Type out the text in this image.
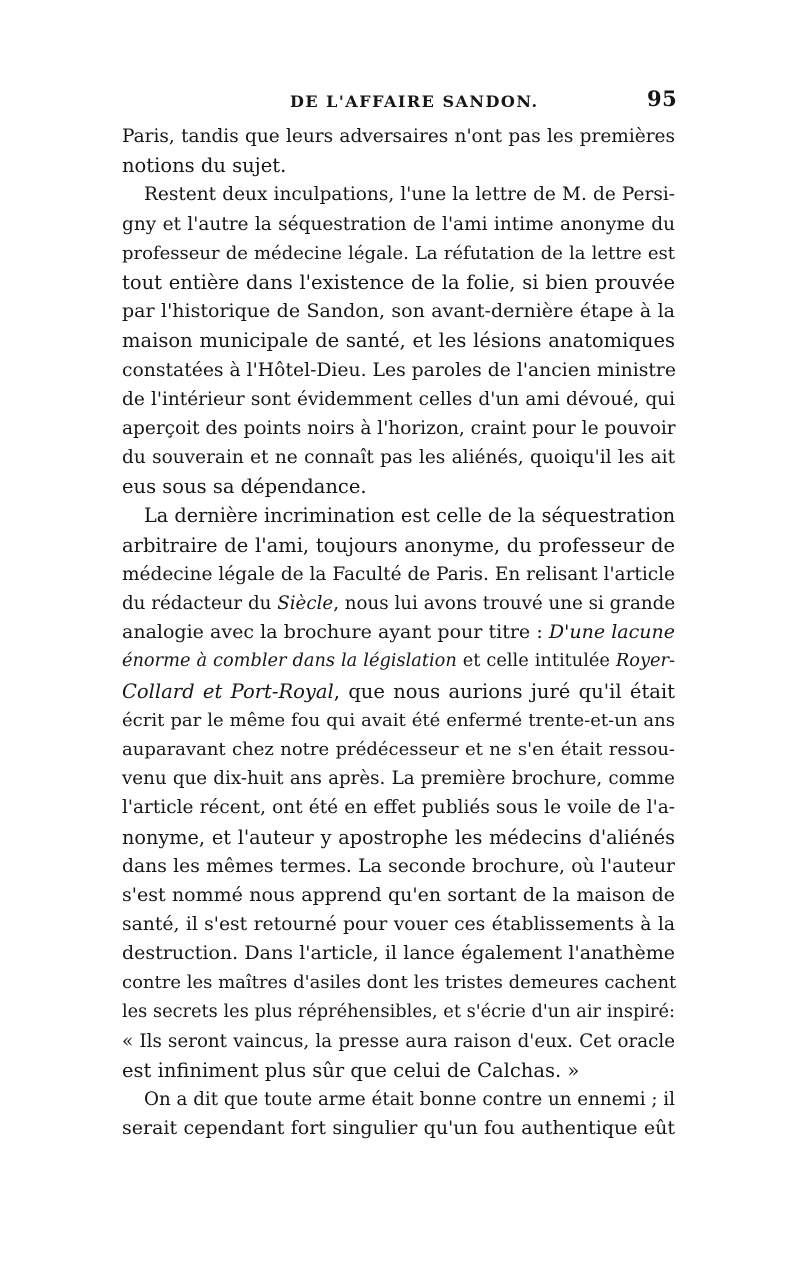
DE L'AFFAIRE SANDON.	95
Paris, tandis que leurs adversaires n'ont pas les premières
notions du sujet.
Restent deux inculpations, l'une la lettre de M. de Persi-
gny et l'autre la séquestration de l'ami intime anonyme du
professeur de médecine légale. La réfutation de la lettre est
tout entière dans l'existence de la folie, si bien prouvée
par l'historique de Sandon, son avant-dernière étape à la
maison municipale de santé, et les lésions anatomiques
constatées à l'Hôtel-Dieu. Les paroles de l'ancien ministre
de l'intérieur sont évidemment celles d'un ami dévoué, qui
aperçoit des points noirs à l'horizon, craint pour le pouvoir
du souverain et ne connaît pas les aliénés, quoiqu'il les ait
eus sous sa dépendance.
La dernière incrimination est celle de la séquestration
arbitraire de l'ami, toujours anonyme, du professeur de
médecine légale de la Faculté de Paris. En relisant l'article
du rédacteur du Siècle, nous lui avons trouvé une si grande
analogie avec la brochure ayant pour titre : D'une lacune
énorme à combler dans la législation et celle intitulée Royer-
Collard et Port-Royal, que nous aurions juré qu'il était
écrit par le même fou qui avait été enfermé trente-et-un ans
auparavant chez notre prédécesseur et ne s'en était ressou-
venu que dix-huit ans après. La première brochure, comme
l'article récent, ont été en effet publiés sous le voile de l'a-
nonyme, et l'auteur y apostrophe les médecins d'aliénés
dans les mêmes termes. La seconde brochure, où l'auteur
s'est nommé nous apprend qu'en sortant de la maison de
santé, il s'est retourné pour vouer ces établissements à la
destruction. Dans l'article, il lance également l'anathème
contre les maîtres d'asiles dont les tristes demeures cachent
les secrets les plus répréhensibles, et s'écrie d'un air inspiré:
« Ils seront vaincus, la presse aura raison d'eux. Cet oracle
est infiniment plus sûr que celui de Calchas. »
On a dit que toute arme était bonne contre un ennemi ; il
serait cependant fort singulier qu'un fou authentique eût
